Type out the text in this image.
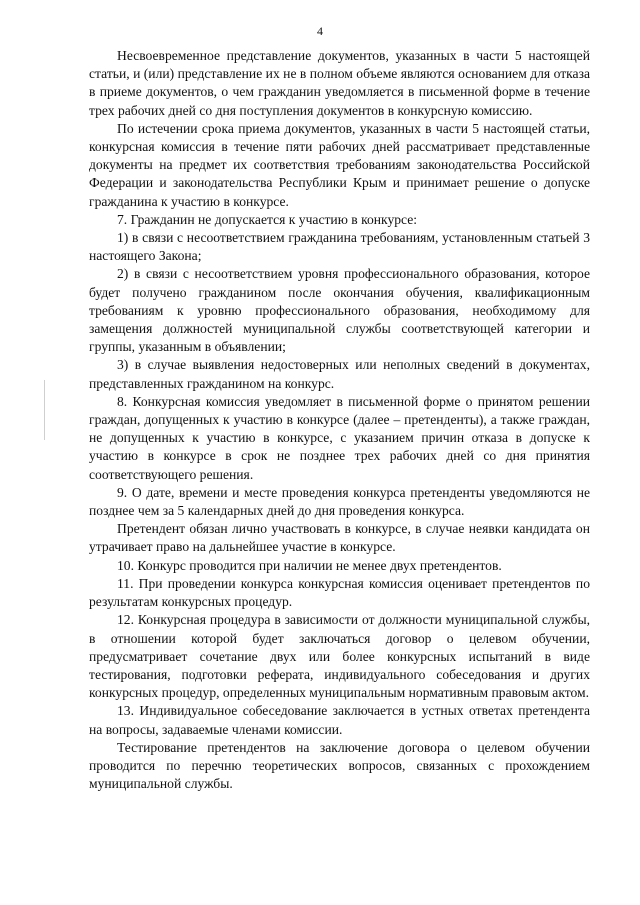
4

Несвоевременное представление документов, указанных в части 5 настоящей статьи, и (или) представление их не в полном объеме являются основанием для отказа в приеме документов, о чем гражданин уведомляется в письменной форме в течение трех рабочих дней со дня поступления документов в конкурсную комиссию.

По истечении срока приема документов, указанных в части 5 настоящей статьи, конкурсная комиссия в течение пяти рабочих дней рассматривает представленные документы на предмет их соответствия требованиям законодательства Российской Федерации и законодательства Республики Крым и принимает решение о допуске гражданина к участию в конкурсе.

7. Гражданин не допускается к участию в конкурсе:

1) в связи с несоответствием гражданина требованиям, установленным статьей 3 настоящего Закона;

2) в связи с несоответствием уровня профессионального образования, которое будет получено гражданином после окончания обучения, квалификационным требованиям к уровню профессионального образования, необходимому для замещения должностей муниципальной службы соответствующей категории и группы, указанным в объявлении;

3) в случае выявления недостоверных или неполных сведений в документах, представленных гражданином на конкурс.

8. Конкурсная комиссия уведомляет в письменной форме о принятом решении граждан, допущенных к участию в конкурсе (далее – претенденты), а также граждан, не допущенных к участию в конкурсе, с указанием причин отказа в допуске к участию в конкурсе в срок не позднее трех рабочих дней со дня принятия соответствующего решения.

9. О дате, времени и месте проведения конкурса претенденты уведомляются не позднее чем за 5 календарных дней до дня проведения конкурса.

Претендент обязан лично участвовать в конкурсе, в случае неявки кандидата он утрачивает право на дальнейшее участие в конкурсе.

10. Конкурс проводится при наличии не менее двух претендентов.

11. При проведении конкурса конкурсная комиссия оценивает претендентов по результатам конкурсных процедур.

12. Конкурсная процедура в зависимости от должности муниципальной службы, в отношении которой будет заключаться договор о целевом обучении, предусматривает сочетание двух или более конкурсных испытаний в виде тестирования, подготовки реферата, индивидуального собеседования и других конкурсных процедур, определенных муниципальным нормативным правовым актом.

13. Индивидуальное собеседование заключается в устных ответах претендента на вопросы, задаваемые членами комиссии.

Тестирование претендентов на заключение договора о целевом обучении проводится по перечню теоретических вопросов, связанных с прохождением муниципальной службы.
